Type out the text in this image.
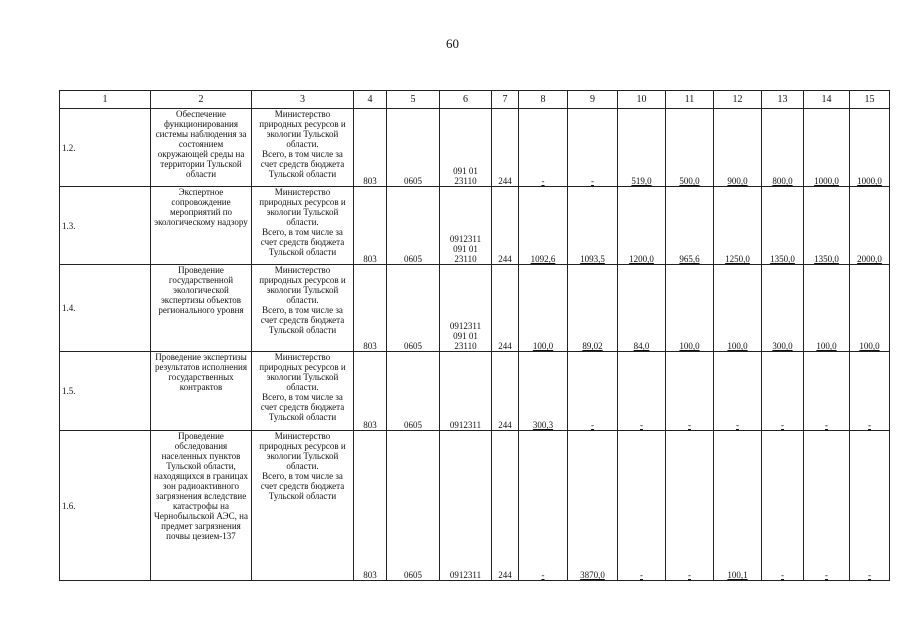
60
1	2	3	4	5	6	7	8	9	10	11	12	13	14	15
1.2.	Обеспечение функционирования системы наблюдения за состоянием окружающей среды на территории Тульской области	Министерство природных ресурсов и экологии Тульской области.
Всего, в том числе за счет средств бюджета Тульской области	803	0605	091 01
23110	244	-	-	519,0	500,0	900,0	800,0	1000,0	1000,0
1.3.	Экспертное сопровождение мероприятий по экологическому надзору	Министерство природных ресурсов и экологии Тульской области.
Всего, в том числе за счет средств бюджета Тульской области	803	0605	0912311
091 01
23110	244	1092,6	1093,5	1200,0	965,6	1250,0	1350,0	1350,0	2000,0
1.4.	Проведение государственной экологической экспертизы объектов регионального уровня	Министерство природных ресурсов и экологии Тульской области.
Всего, в том числе за счет средств бюджета Тульской области	803	0605	0912311
091 01
23110	244	100,0	89,02	84,0	100,0	100,0	300,0	100,0	100,0
1.5.	Проведение экспертизы результатов исполнения государственных контрактов	Министерство природных ресурсов и экологии Тульской области.
Всего, в том числе за счет средств бюджета Тульской области	803	0605	0912311	244	300,3	-	-	-	-	-	-	-
1.6.	Проведение обследования населенных пунктов Тульской области, находящихся в границах зон радиоактивного загрязнения вследствие катастрофы на Чернобыльской АЭС, на предмет загрязнения почвы цезием-137	Министерство природных ресурсов и экологии Тульской области.
Всего, в том числе за счет средств бюджета Тульской области	803	0605	0912311	244	-	3870,0	-	-	100,1	-	-	-
